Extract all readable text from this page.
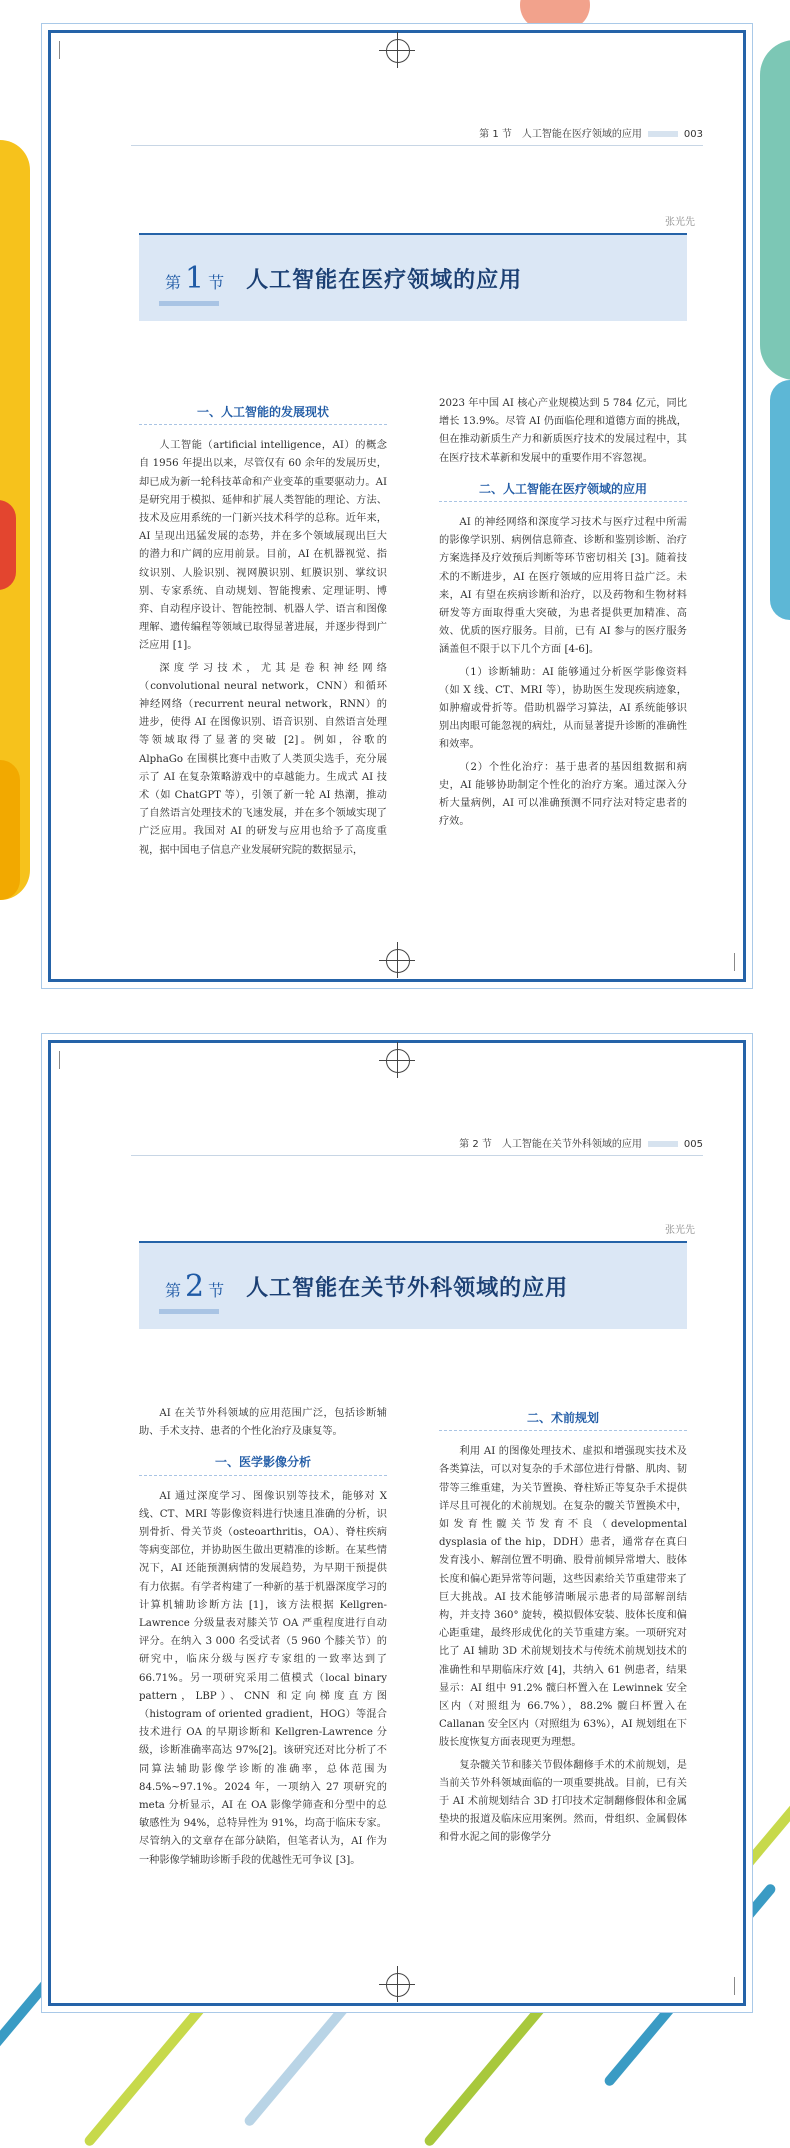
第 1 节　人工智能在医疗领域的应用	003
张光先
第 1 节 人工智能在医疗领域的应用
一、人工智能的发展现状

人工智能（artificial intelligence，AI）的概念自 1956 年提出以来，尽管仅有 60 余年的发展历史，却已成为新一轮科技革命和产业变革的重要驱动力。AI 是研究用于模拟、延伸和扩展人类智能的理论、方法、技术及应用系统的一门新兴技术科学的总称。近年来，AI 呈现出迅猛发展的态势，并在多个领域展现出巨大的潜力和广阔的应用前景。目前，AI 在机器视觉、指纹识别、人脸识别、视网膜识别、虹膜识别、掌纹识别、专家系统、自动规划、智能搜索、定理证明、博弈、自动程序设计、智能控制、机器人学、语言和图像理解、遗传编程等领域已取得显著进展，并逐步得到广泛应用 [1]。

深度学习技术，尤其是卷积神经网络（convolutional neural network，CNN）和循环神经网络（recurrent neural network，RNN）的进步，使得 AI 在图像识别、语音识别、自然语言处理等领域取得了显著的突破 [2]。例如，谷歌的 AlphaGo 在围棋比赛中击败了人类顶尖选手，充分展示了 AI 在复杂策略游戏中的卓越能力。生成式 AI 技术（如 ChatGPT 等），引领了新一轮 AI 热潮，推动了自然语言处理技术的飞速发展，并在多个领域实现了广泛应用。我国对 AI 的研发与应用也给予了高度重视，据中国电子信息产业发展研究院的数据显示，

2023 年中国 AI 核心产业规模达到 5 784 亿元，同比增长 13.9%。尽管 AI 仍面临伦理和道德方面的挑战，但在推动新质生产力和新质医疗技术的发展过程中，其在医疗技术革新和发展中的重要作用不容忽视。

二、人工智能在医疗领域的应用

AI 的神经网络和深度学习技术与医疗过程中所需的影像学识别、病例信息筛查、诊断和鉴别诊断、治疗方案选择及疗效预后判断等环节密切相关 [3]。随着技术的不断进步，AI 在医疗领域的应用将日益广泛。未来，AI 有望在疾病诊断和治疗，以及药物和生物材料研发等方面取得重大突破，为患者提供更加精准、高效、优质的医疗服务。目前，已有 AI 参与的医疗服务涵盖但不限于以下几个方面 [4-6]。

（1）诊断辅助：AI 能够通过分析医学影像资料（如 X 线、CT、MRI 等），协助医生发现疾病迹象，如肿瘤或骨折等。借助机器学习算法，AI 系统能够识别出肉眼可能忽视的病灶，从而显著提升诊断的准确性和效率。

（2）个性化治疗：基于患者的基因组数据和病史，AI 能够协助制定个性化的治疗方案。通过深入分析大量病例，AI 可以准确预测不同疗法对特定患者的疗效。

第 2 节　人工智能在关节外科领域的应用	005
张光先
第 2 节 人工智能在关节外科领域的应用

AI 在关节外科领域的应用范围广泛，包括诊断辅助、手术支持、患者的个性化治疗及康复等。

一、医学影像分析

AI 通过深度学习、图像识别等技术，能够对 X 线、CT、MRI 等影像资料进行快速且准确的分析，识别骨折、骨关节炎（osteoarthritis，OA）、脊柱疾病等病变部位，并协助医生做出更精准的诊断。在某些情况下，AI 还能预测病情的发展趋势，为早期干预提供有力依据。有学者构建了一种新的基于机器深度学习的计算机辅助诊断方法 [1]，该方法根据 Kellgren-Lawrence 分级量表对膝关节 OA 严重程度进行自动评分。在纳入 3 000 名受试者（5 960 个膝关节）的研究中，临床分级与医疗专家组的一致率达到了 66.71%。另一项研究采用二值模式（local binary pattern，LBP）、CNN 和定向梯度直方图（histogram of oriented gradient，HOG）等混合技术进行 OA 的早期诊断和 Kellgren-Lawrence 分级，诊断准确率高达 97%[2]。该研究还对比分析了不同算法辅助影像学诊断的准确率，总体范围为 84.5%~97.1%。2024 年，一项纳入 27 项研究的 meta 分析显示，AI 在 OA 影像学筛查和分型中的总敏感性为 94%，总特异性为 91%，均高于临床专家。尽管纳入的文章存在部分缺陷，但笔者认为，AI 作为一种影像学辅助诊断手段的优越性无可争议 [3]。

二、术前规划

利用 AI 的图像处理技术、虚拟和增强现实技术及各类算法，可以对复杂的手术部位进行骨骼、肌肉、韧带等三维重建，为关节置换、脊柱矫正等复杂手术提供详尽且可视化的术前规划。在复杂的髋关节置换术中，如发育性髋关节发育不良（developmental dysplasia of the hip，DDH）患者，通常存在真臼发育浅小、解剖位置不明确、股骨前倾异常增大、肢体长度和偏心距异常等问题，这些因素给关节重建带来了巨大挑战。AI 技术能够清晰展示患者的局部解剖结构，并支持 360° 旋转，模拟假体安装、肢体长度和偏心距重建，最终形成优化的关节重建方案。一项研究对比了 AI 辅助 3D 术前规划技术与传统术前规划技术的准确性和早期临床疗效 [4]，共纳入 61 例患者，结果显示：AI 组中 91.2% 髋臼杯置入在 Lewinnek 安全区内（对照组为 66.7%），88.2% 髋臼杯置入在 Callanan 安全区内（对照组为 63%），AI 规划组在下肢长度恢复方面表现更为理想。

复杂髋关节和膝关节假体翻修手术的术前规划，是当前关节外科领域面临的一项重要挑战。目前，已有关于 AI 术前规划结合 3D 打印技术定制翻修假体和金属垫块的报道及临床应用案例。然而，骨组织、金属假体和骨水泥之间的影像学分
